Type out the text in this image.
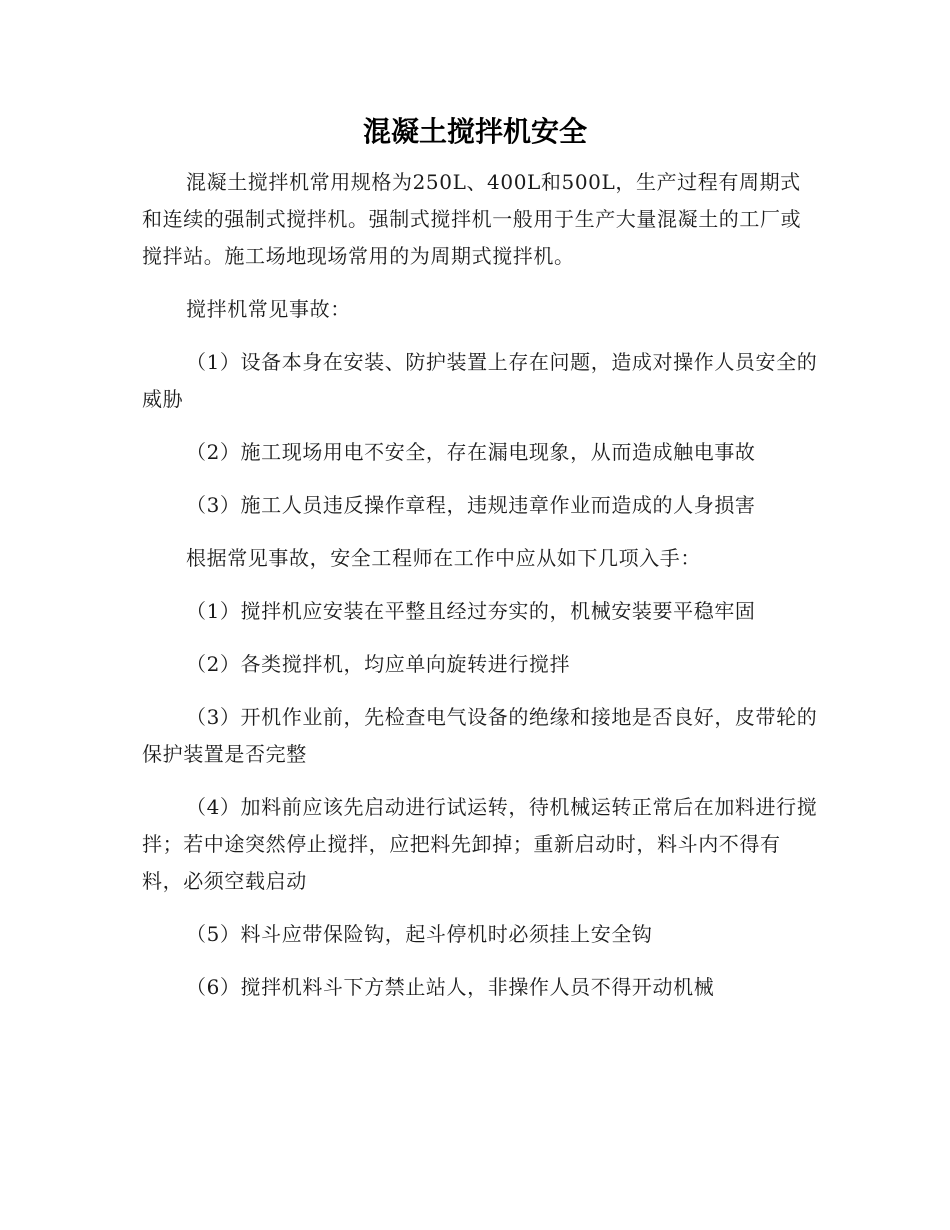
混凝土搅拌机安全

混凝土搅拌机常用规格为250L、400L和500L，生产过程有周期式和连续的强制式搅拌机。强制式搅拌机一般用于生产大量混凝土的工厂或搅拌站。施工场地现场常用的为周期式搅拌机。

搅拌机常见事故：

（1）设备本身在安装、防护装置上存在问题，造成对操作人员安全的威胁

（2）施工现场用电不安全，存在漏电现象，从而造成触电事故

（3）施工人员违反操作章程，违规违章作业而造成的人身损害

根据常见事故，安全工程师在工作中应从如下几项入手：

（1）搅拌机应安装在平整且经过夯实的，机械安装要平稳牢固

（2）各类搅拌机，均应单向旋转进行搅拌

（3）开机作业前，先检查电气设备的绝缘和接地是否良好，皮带轮的保护装置是否完整

（4）加料前应该先启动进行试运转，待机械运转正常后在加料进行搅拌；若中途突然停止搅拌，应把料先卸掉；重新启动时，料斗内不得有料，必须空载启动

（5）料斗应带保险钩，起斗停机时必须挂上安全钩

（6）搅拌机料斗下方禁止站人，非操作人员不得开动机械
